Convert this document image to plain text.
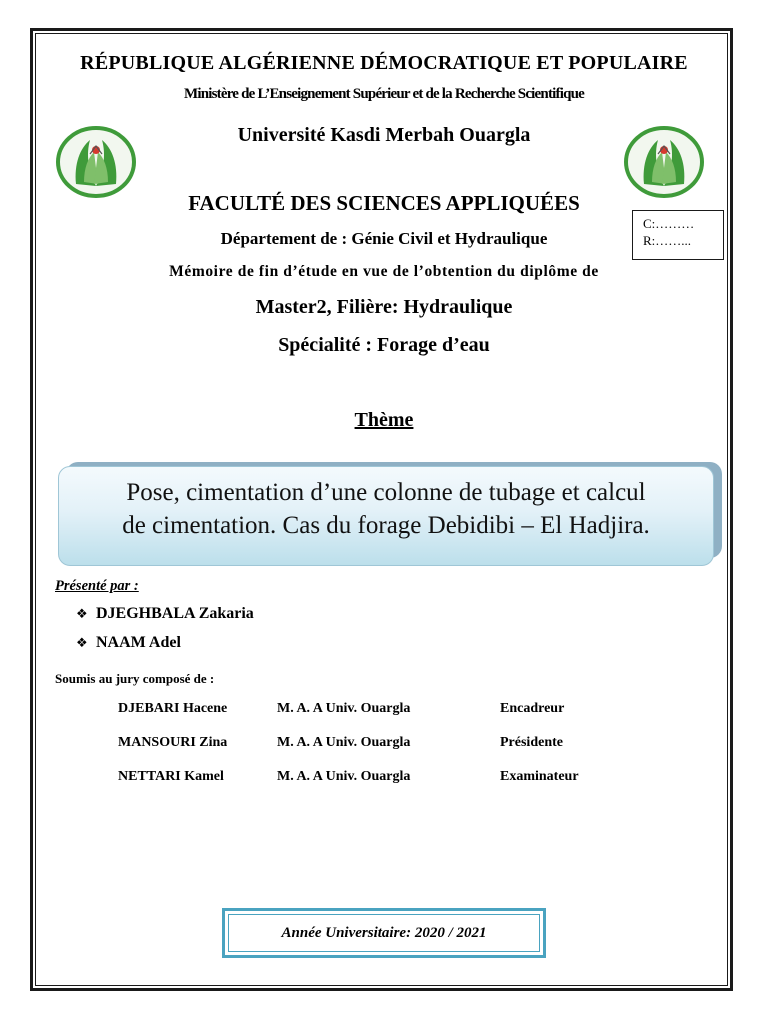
RÉPUBLIQUE ALGÉRIENNE DÉMOCRATIQUE ET POPULAIRE
Ministère de L’Enseignement Supérieur et de la Recherche Scientifique
Université Kasdi Merbah Ouargla
FACULTÉ DES SCIENCES APPLIQUÉES
C:………
R:……...
Département de : Génie Civil et Hydraulique
Mémoire de fin d’étude en vue de l’obtention du diplôme de
Master2, Filière: Hydraulique
Spécialité : Forage d’eau
Thème
Pose, cimentation d’une colonne de tubage et calcul
de cimentation. Cas du forage Debidibi – El Hadjira.
Présenté par :
❖ DJEGHBALA Zakaria
❖ NAAM Adel
Soumis au jury composé de :
DJEBARI Hacene	M. A. A Univ. Ouargla	Encadreur
MANSOURI Zina	M. A. A Univ. Ouargla	Présidente
NETTARI Kamel	M. A. A Univ. Ouargla	Examinateur
Année Universitaire: 2020 / 2021
